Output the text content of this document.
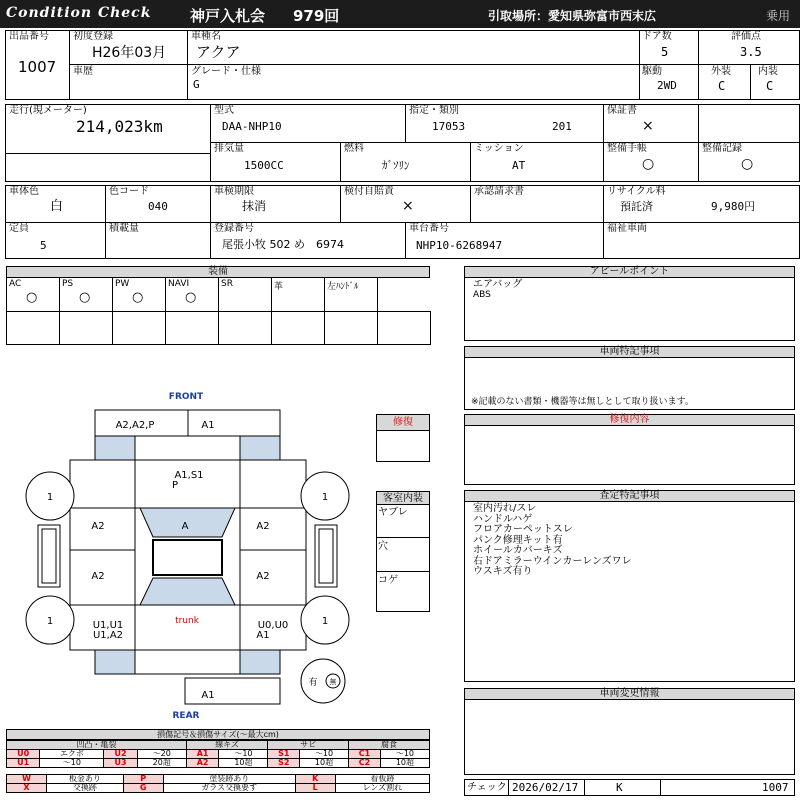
Condition Check	神戸入札会 979回	引取場所：愛知県弥富市西末広	乗用
出品番号
1007
初度登録
H26年03月
車種名
アクア
ドア数
5
評価点
3.5
車歴	グレード・仕様
G
駆動
2WD
外装
C
内装
C
走行(現メーター)
214,023km
型式
DAA-NHP10
指定・類別
17053	201
保証書
×
排気量
1500CC
燃料
ｶﾞｿﾘﾝ
ミッション
AT
整備手帳
○
整備記録
○
車体色
白
色コード
040
車検期限
抹消
検付自賠責
×
承認請求書	リサイクル料
預託済	9,980円
定員
5
積載量	登録番号
尾張小牧 502 め　6974
車台番号
NHP10-6268947
福祉車両
装備
AC
○
PS
○
PW
○
NAVI
○
SR	革	左ﾊﾝﾄﾞﾙ
アピールポイント
エアバッグ
ABS
車両特記事項
※記載のない書類・機器等は無しとして取り扱います。
修復内容
査定特記事項
室内汚れ/スレ
ハンドルハゲ
フロアカーペットスレ
パンク修理キット有
ホイールカバーキズ
右ドアミラーウインカーレンズワレ
ウスキズ有り
車両変更情報
チェック 2026/02/17	K	1007
修復
客室内装
ヤブレ
穴
コゲ
FRONT
REAR
1	1
1	1
有 無
A2,A2,P	A1
A1,S1
P
A2	A2
A
A2	A2
trunk
U1,U1
U1,A2
U0,U0
A1
A1
損傷記号＆損傷サイズ(～最大cm)
凹凸・亀裂				線キズ		サビ		腐食	
U0	エクボ	U2	～20	A1	～10	S1	～10	C1	～10
U1	～10	U3	20超	A2	10超	S2	10超	C2	10超
W	板金あり	P	塗装跡あり	K	看板跡
X	交換跡	G	ガラス交換要す	L	レンズ割れ
